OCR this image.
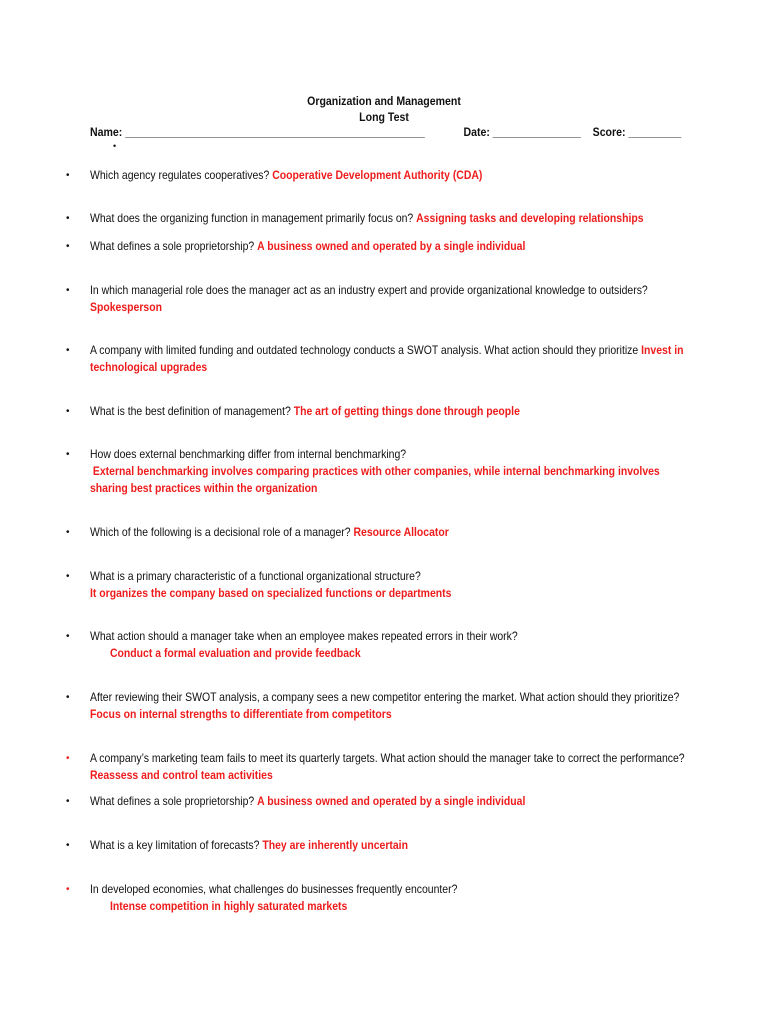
Organization and Management
Long Test
Name: ___________________________________________________	Date: _______________ Score: _________
•
• Which agency regulates cooperatives? Cooperative Development Authority (CDA)
• What does the organizing function in management primarily focus on? Assigning tasks and developing relationships
• What defines a sole proprietorship? A business owned and operated by a single individual
• In which managerial role does the manager act as an industry expert and provide organizational knowledge to outsiders?
Spokesperson
• A company with limited funding and outdated technology conducts a SWOT analysis. What action should they prioritize Invest in technological upgrades
• What is the best definition of management? The art of getting things done through people
• How does external benchmarking differ from internal benchmarking?
External benchmarking involves comparing practices with other companies, while internal benchmarking involves sharing best practices within the organization
• Which of the following is a decisional role of a manager? Resource Allocator
• What is a primary characteristic of a functional organizational structure?
It organizes the company based on specialized functions or departments
• What action should a manager take when an employee makes repeated errors in their work?
Conduct a formal evaluation and provide feedback
• After reviewing their SWOT analysis, a company sees a new competitor entering the market. What action should they prioritize?
Focus on internal strengths to differentiate from competitors
• A company’s marketing team fails to meet its quarterly targets. What action should the manager take to correct the performance?
Reassess and control team activities
• What defines a sole proprietorship? A business owned and operated by a single individual
• What is a key limitation of forecasts? They are inherently uncertain
• In developed economies, what challenges do businesses frequently encounter?
Intense competition in highly saturated markets
